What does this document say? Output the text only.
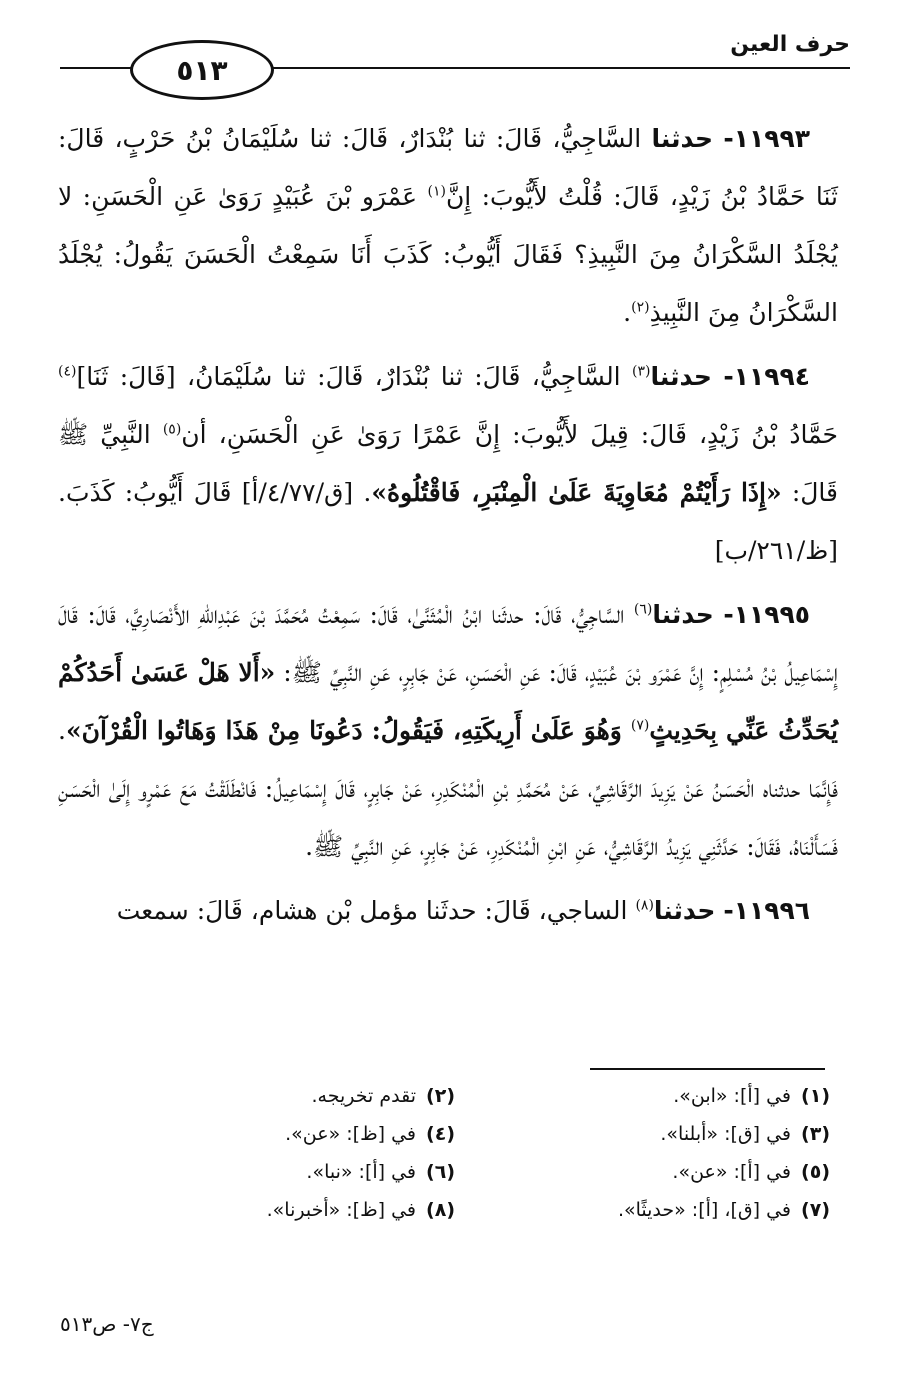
حرف العين
٥١٣

١١٩٩٣- حدثنا السَّاجِيُّ، قَالَ: ثنا بُنْدَارٌ، قَالَ: ثنا سُلَيْمَانُ بْنُ حَرْبٍ، قَالَ: ثَنَا حَمَّادُ بْنُ زَيْدٍ، قَالَ: قُلْتُ لأَيُّوبَ: إِنَّ$^{(١)}$ عَمْرَو بْنَ عُبَيْدٍ رَوَىٰ عَنِ الْحَسَنِ: لا يُجْلَدُ السَّكْرَانُ مِنَ النَّبِيذِ؟ فَقَالَ أَيُّوبُ: كَذَبَ أَنَا سَمِعْتُ الْحَسَنَ يَقُولُ: يُجْلَدُ السَّكْرَانُ مِنَ النَّبِيذِ$^{(٢)}$.

١١٩٩٤- حدثنا$^{(٣)}$ السَّاجِيُّ، قَالَ: ثنا بُنْدَارٌ، قَالَ: ثنا سُلَيْمَانُ، [قَالَ: ثَنَا]$^{(٤)}$ حَمَّادُ بْنُ زَيْدٍ، قَالَ: قِيلَ لأَيُّوبَ: إِنَّ عَمْرًا رَوَىٰ عَنِ الْحَسَنِ، أن$^{(٥)}$ النَّبِيِّ ﷺ قَالَ: «إِذَا رَأَيْتُمْ مُعَاوِيَةَ عَلَىٰ الْمِنْبَرِ، فَاقْتُلُوهُ». [ق/٤/٧٧/أ] قَالَ أَيُّوبُ: كَذَبَ. [ظ/٢٦١/ب]

١١٩٩٥- حدثنا$^{(٦)}$ السَّاجِيُّ، قَالَ: حدثَنا ابْنُ الْمُثَنَّىٰ، قَالَ: سَمِعْتُ مُحَمَّدَ بْنَ عَبْدِاللهِ الأَنْصَارِيَّ، قَالَ: قَالَ إِسْمَاعِيلُ بْنُ مُسْلِمٍ: إِنَّ عَمْرَو بْنَ عُبَيْدٍ، قَالَ: عَنِ الْحَسَنِ، عَنْ جَابِرٍ، عَنِ النَّبِيِّ ﷺ: «أَلا هَلْ عَسَىٰ أَحَدُكُمْ يُحَدِّثُ عَنِّي بِحَدِيثٍ$^{(٧)}$ وَهُوَ عَلَىٰ أَرِيكَتِهِ، فَيَقُولُ: دَعُونَا مِنْ هَذَا وَهَاتُوا الْقُرْآنَ». فَإِنَّمَا حدثناه الْحَسَنُ عَنْ يَزِيدَ الرَّقَاشِيِّ، عَنْ مُحَمَّدِ بْنِ الْمُنْكَدِرِ، عَنْ جَابِرٍ، قَالَ إِسْمَاعِيلُ: فَانْطَلَقْتُ مَعَ عَمْرٍو إِلَىٰ الْحَسَنِ فَسَأَلْنَاهُ، فَقَالَ: حَدَّثَنِي يَزِيدُ الرَّقَاشِيُّ، عَنِ ابْنِ الْمُنْكَدِرِ، عَنْ جَابِرٍ، عَنِ النَّبِيِّ ﷺ.

١١٩٩٦- حدثنا$^{(٨)}$ الساجي، قَالَ: حدثَنا مؤمل بْن هشام، قَالَ: سمعت

(١)في [أ]: «ابن».
(٢)تقدم تخريجه.
(٣)في [ق]: «أبلنا».
(٤)في [ظ]: «عن».
(٥)في [أ]: «عن».
(٦)في [أ]: «نبا».
(٧)في [ق]، [أ]: «حديثًا».
(٨)في [ظ]: «أخبرنا».
ج٧- ص٥١٣
